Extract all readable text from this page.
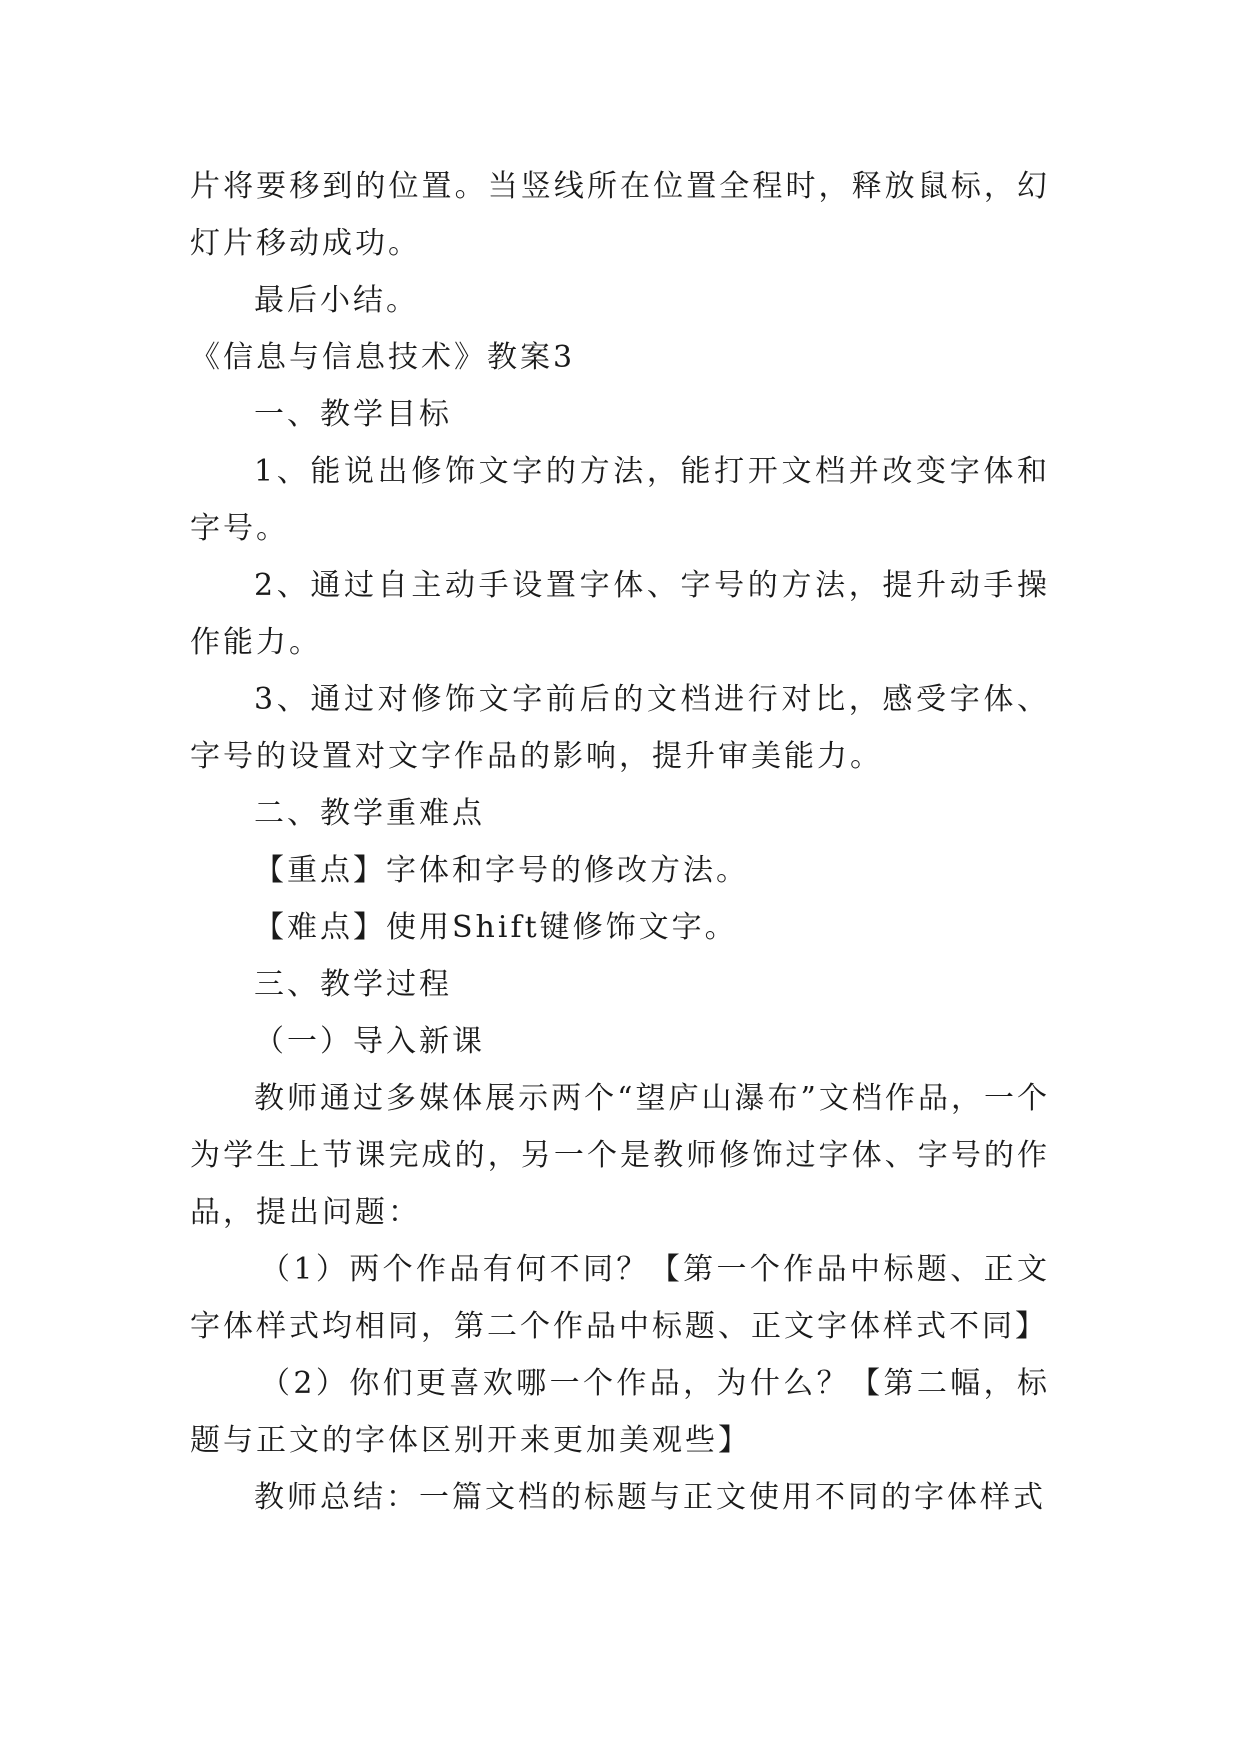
片将要移到的位置。当竖线所在位置全程时，释放鼠标，幻灯片移动成功。

最后小结。

《信息与信息技术》教案3

一、教学目标

1、能说出修饰文字的方法，能打开文档并改变字体和字号。

2、通过自主动手设置字体、字号的方法，提升动手操作能力。

3、通过对修饰文字前后的文档进行对比，感受字体、字号的设置对文字作品的影响，提升审美能力。

二、教学重难点

【重点】字体和字号的修改方法。

【难点】使用Shift键修饰文字。

三、教学过程

（一）导入新课

教师通过多媒体展示两个“望庐山瀑布”文档作品，一个为学生上节课完成的，另一个是教师修饰过字体、字号的作品，提出问题：

（1）两个作品有何不同？【第一个作品中标题、正文字体样式均相同，第二个作品中标题、正文字体样式不同】

（2）你们更喜欢哪一个作品，为什么？【第二幅，标题与正文的字体区别开来更加美观些】

教师总结：一篇文档的标题与正文使用不同的字体样式
